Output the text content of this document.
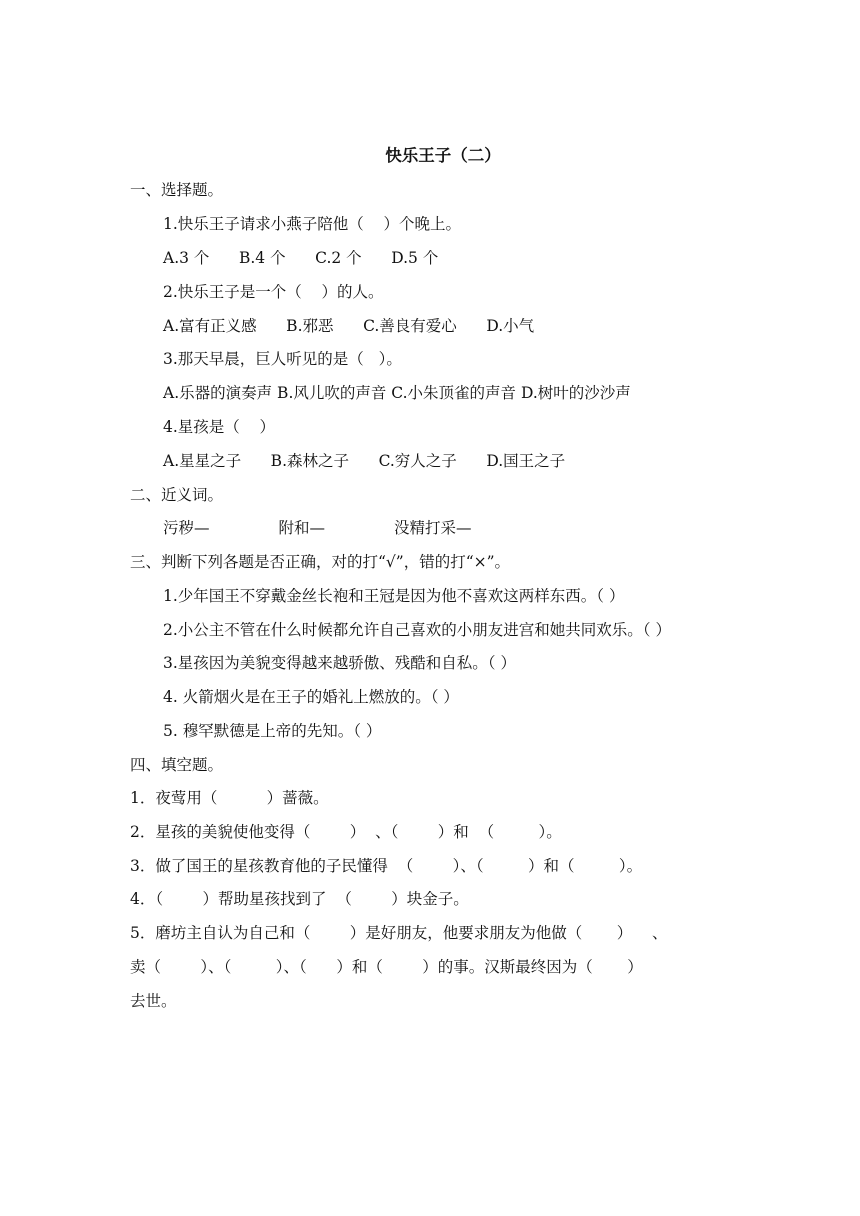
快乐王子（二）
一、选择题。
1.快乐王子请求小燕子陪他（    ）个晚上。
A.3 个      B.4 个      C.2 个      D.5 个
2.快乐王子是一个（    ）的人。
A.富有正义感      B.邪恶      C.善良有爱心      D.小气
3.那天早晨，巨人听见的是（   ）。
A.乐器的演奏声 B.风儿吹的声音 C.小朱顶雀的声音 D.树叶的沙沙声
4.星孩是（    ）
A.星星之子      B.森林之子      C.穷人之子      D.国王之子
二、近义词。
污秽—              附和—              没精打采—
三、判断下列各题是否正确，对的打“√”，错的打“×”。
1.少年国王不穿戴金丝长袍和王冠是因为他不喜欢这两样东西。（ ）
2.小公主不管在什么时候都允许自己喜欢的小朋友进宫和她共同欢乐。（ ）
3.星孩因为美貌变得越来越骄傲、残酷和自私。（ ）
4. 火箭烟火是在王子的婚礼上燃放的。（ ）
5. 穆罕默德是上帝的先知。（ ）
四、填空题。
1．夜莺用（          ）蔷薇。
2．星孩的美貌使他变得（        ）  、（        ）和  （         ）。
3．做了国王的星孩教育他的子民懂得  （        ）、（         ）和（         ）。
4．（        ）帮助星孩找到了  （        ）块金子。
5．磨坊主自认为自己和（        ）是好朋友，他要求朋友为他做（       ）    、
卖（        ）、（         ）、（      ）和（        ）的事。汉斯最终因为（       ）
去世。
